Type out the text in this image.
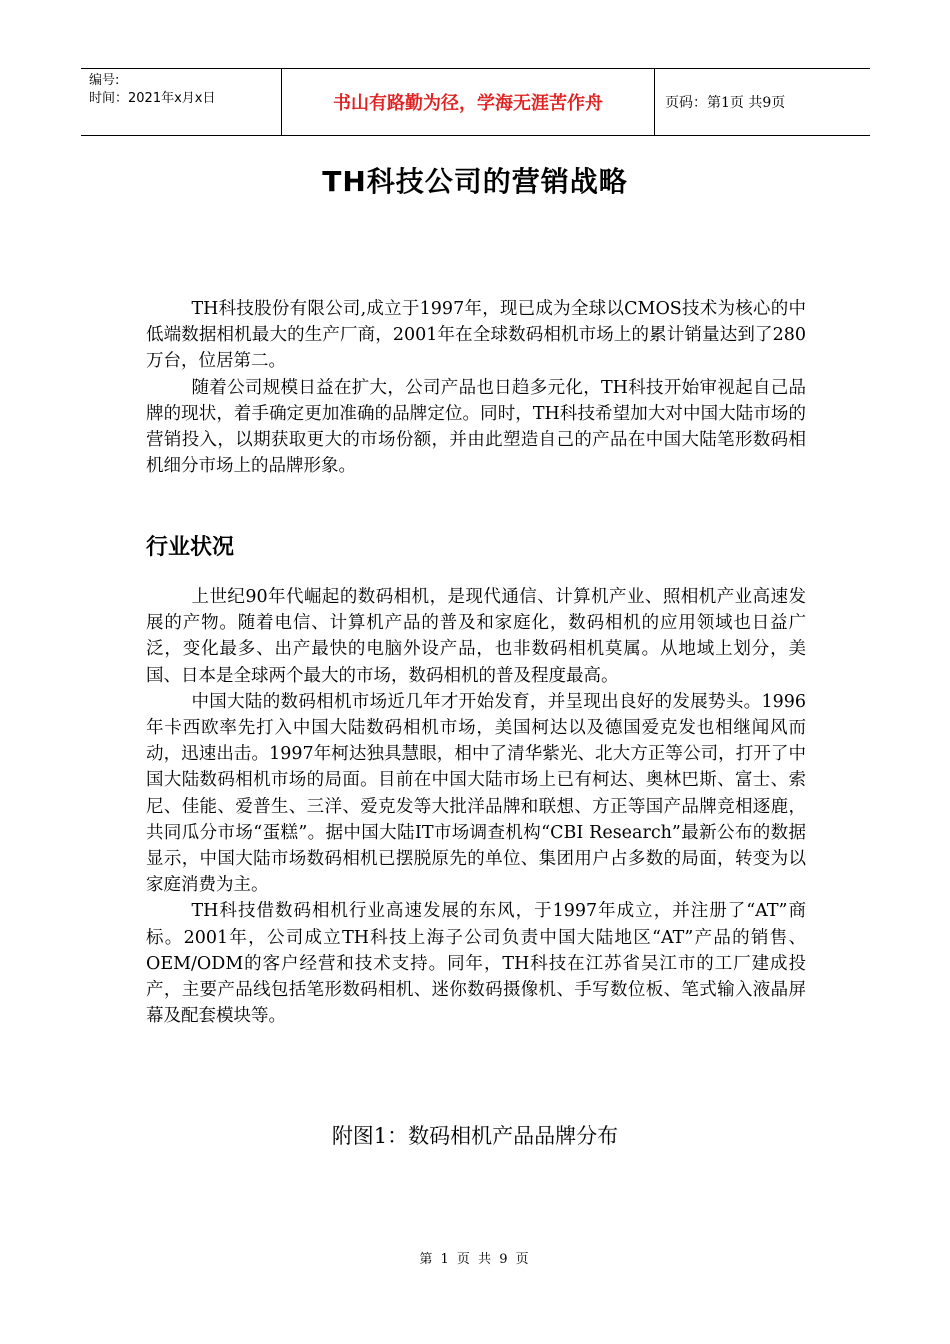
编号:
时间：2021年x月x日	书山有路勤为径，学海无涯苦作舟	页码：第1页 共9页
TH科技公司的营销战略

TH科技股份有限公司,成立于1997年，现已成为全球以CMOS技术为核心的中低端数据相机最大的生产厂商，2001年在全球数码相机市场上的累计销量达到了280万台，位居第二。

随着公司规模日益在扩大，公司产品也日趋多元化，TH科技开始审视起自己品牌的现状，着手确定更加准确的品牌定位。同时，TH科技希望加大对中国大陆市场的营销投入，以期获取更大的市场份额，并由此塑造自己的产品在中国大陆笔形数码相机细分市场上的品牌形象。

行业状况

上世纪90年代崛起的数码相机，是现代通信、计算机产业、照相机产业高速发展的产物。随着电信、计算机产品的普及和家庭化，数码相机的应用领域也日益广泛，变化最多、出产最快的电脑外设产品，也非数码相机莫属。从地域上划分，美国、日本是全球两个最大的市场，数码相机的普及程度最高。

中国大陆的数码相机市场近几年才开始发育，并呈现出良好的发展势头。1996年卡西欧率先打入中国大陆数码相机市场，美国柯达以及德国爱克发也相继闻风而动，迅速出击。1997年柯达独具慧眼，相中了清华紫光、北大方正等公司，打开了中国大陆数码相机市场的局面。目前在中国大陆市场上已有柯达、奥林巴斯、富士、索尼、佳能、爱普生、三洋、爱克发等大批洋品牌和联想、方正等国产品牌竞相逐鹿，共同瓜分市场“蛋糕”。据中国大陆IT市场调查机构“CBI Research”最新公布的数据显示，中国大陆市场数码相机已摆脱原先的单位、集团用户占多数的局面，转变为以家庭消费为主。

TH科技借数码相机行业高速发展的东风，于1997年成立，并注册了“AT”商标。2001年，公司成立TH科技上海子公司负责中国大陆地区“AT”产品的销售、OEM/ODM的客户经营和技术支持。同年，TH科技在江苏省吴江市的工厂建成投产，主要产品线包括笔形数码相机、迷你数码摄像机、手写数位板、笔式输入液晶屏幕及配套模块等。

附图1：数码相机产品品牌分布
第 1 页 共 9 页
